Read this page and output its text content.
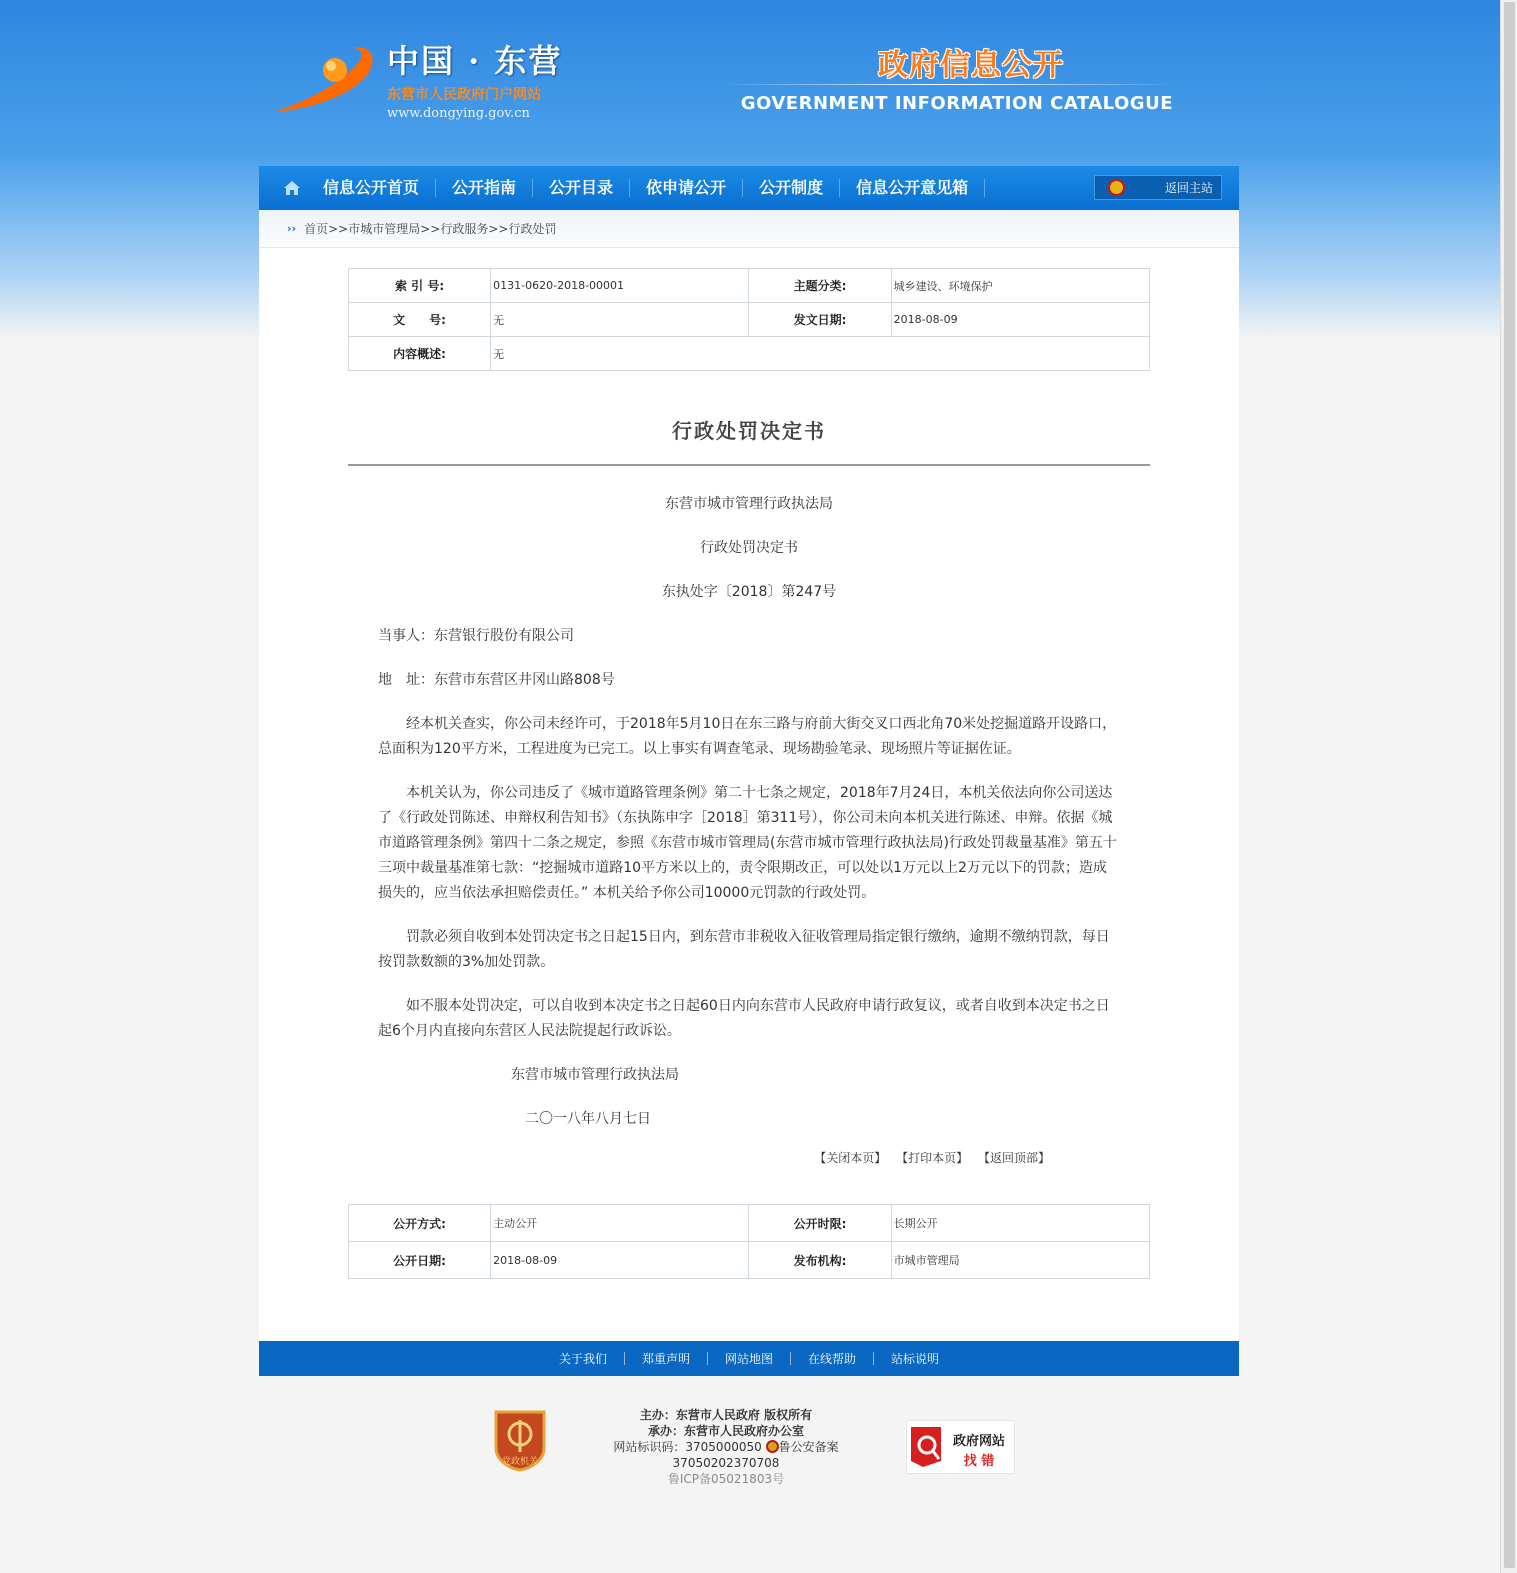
中国 · 东营
东营市人民政府门户网站
www.dongying.gov.cn
政府信息公开
GOVERNMENT INFORMATION CATALOGUE
信息公开首页	公开指南	公开目录	依申请公开	公开制度	信息公开意见箱	返回主站
›› 首页 >> 市城市管理局 >> 行政服务 >> 行政处罚
索 引 号:	0131-0620-2018-00001	主题分类:	城乡建设、环境保护
文　　号:	无	发文日期:	2018-08-09
内容概述:	无		
行政处罚决定书

东营市城市管理行政执法局

行政处罚决定书

东执处字〔2018〕第247号

当事人：东营银行股份有限公司

地　址：东营市东营区井冈山路808号

经本机关查实，你公司未经许可，于2018年5月10日在东三路与府前大街交叉口西北角70米处挖掘道路开设路口，总面积为120平方米，工程进度为已完工。以上事实有调查笔录、现场勘验笔录、现场照片等证据佐证。

本机关认为，你公司违反了《城市道路管理条例》第二十七条之规定，2018年7月24日，本机关依法向你公司送达了《行政处罚陈述、申辩权利告知书》（东执陈申字［2018］第311号），你公司未向本机关进行陈述、申辩。依据《城市道路管理条例》第四十二条之规定，参照《东营市城市管理局(东营市城市管理行政执法局)行政处罚裁量基准》第五十三项中裁量基准第七款：“挖掘城市道路10平方米以上的，责令限期改正，可以处以1万元以上2万元以下的罚款；造成损失的，应当依法承担赔偿责任。” 本机关给予你公司10000元罚款的行政处罚。

罚款必须自收到本处罚决定书之日起15日内，到东营市非税收入征收管理局指定银行缴纳，逾期不缴纳罚款，每日按罚款数额的3%加处罚款。

如不服本处罚决定，可以自收到本决定书之日起60日内向东营市人民政府申请行政复议，或者自收到本决定书之日起6个月内直接向东营区人民法院提起行政诉讼。

东营市城市管理行政执法局

二〇一八年八月七日

【关闭本页】 【打印本页】 【返回顶部】
公开方式:	主动公开	公开时限:	长期公开
公开日期:	2018-08-09	发布机构:	市城市管理局
关于我们	郑重声明	网站地图	在线帮助	站标说明
党政机关
主办：东营市人民政府 版权所有
承办：东营市人民政府办公室
网站标识码：3705000050 鲁公安备案37050202370708
鲁ICP备05021803号
政府网站
找 错
